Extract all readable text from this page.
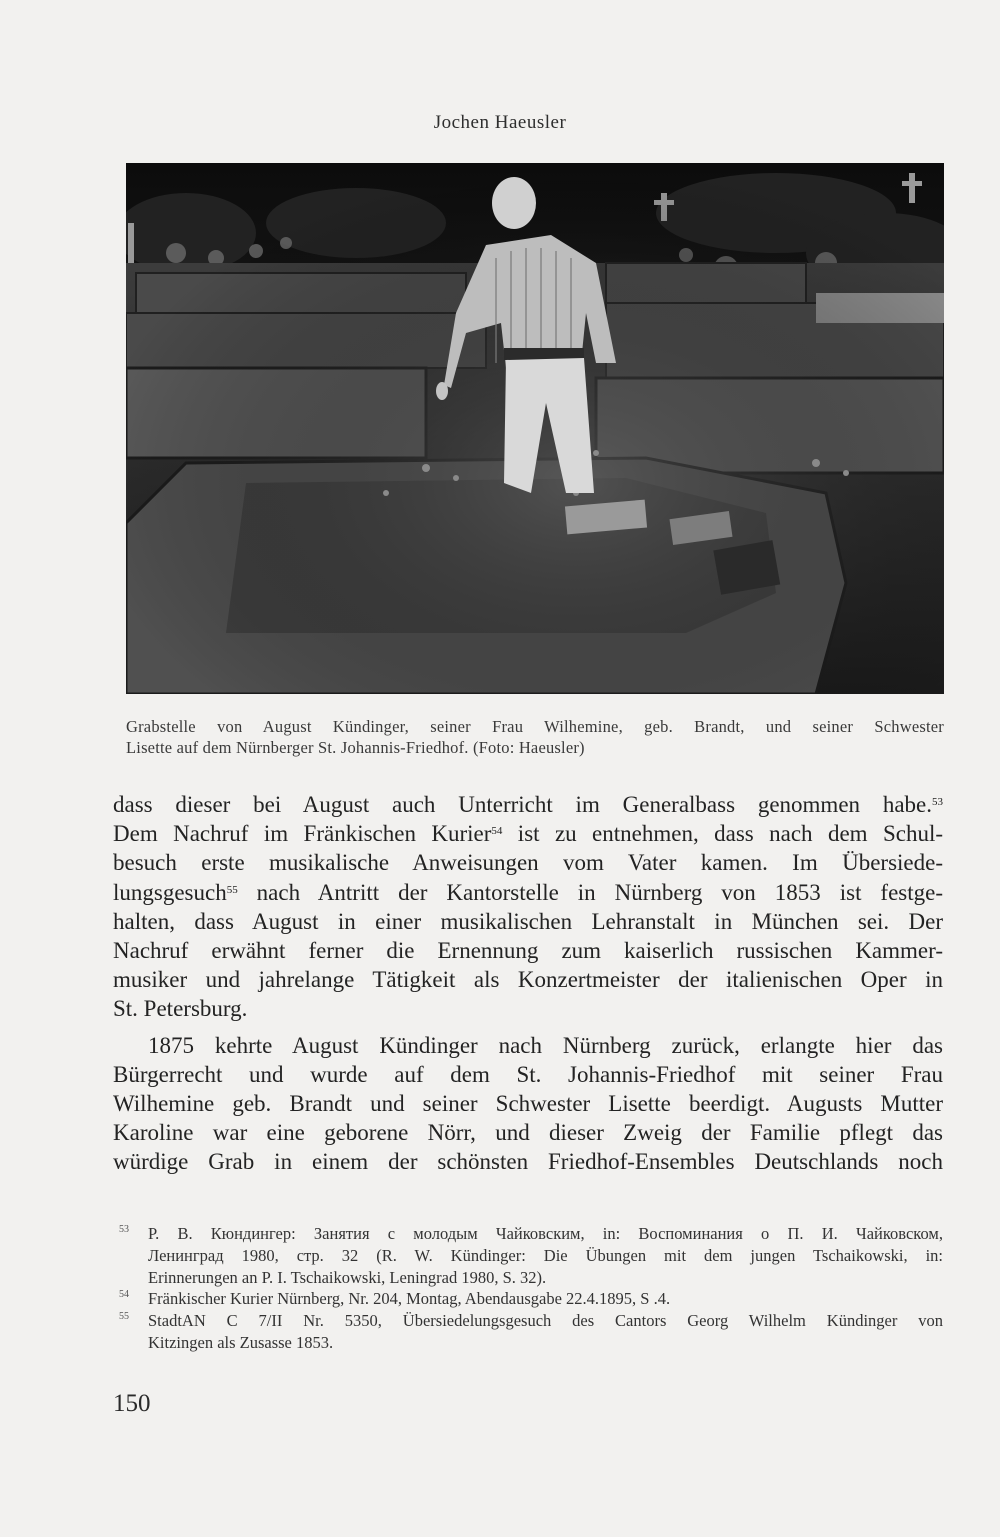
Jochen Haeusler
Grabstelle von August Kündinger, seiner Frau Wilhemine, geb. Brandt, und seiner Schwester
Lisette auf dem Nürnberger St. Johannis-Friedhof. (Foto: Haeusler)
dass dieser bei August auch Unterricht im Generalbass genommen habe.$^{53}$
Dem Nachruf im Fränkischen Kurier$^{54}$ ist zu entnehmen, dass nach dem Schul-
besuch erste musikalische Anweisungen vom Vater kamen. Im Übersiede-
lungsgesuch$^{55}$ nach Antritt der Kantorstelle in Nürnberg von 1853 ist festge-
halten, dass August in einer musikalischen Lehranstalt in München sei. Der
Nachruf erwähnt ferner die Ernennung zum kaiserlich russischen Kammer-
musiker und jahrelange Tätigkeit als Konzertmeister der italienischen Oper in
St. Petersburg.
1875 kehrte August Kündinger nach Nürnberg zurück, erlangte hier das
Bürgerrecht und wurde auf dem St. Johannis-Friedhof mit seiner Frau
Wilhemine geb. Brandt und seiner Schwester Lisette beerdigt. Augusts Mutter
Karoline war eine geborene Nörr, und dieser Zweig der Familie pflegt das
würdige Grab in einem der schönsten Friedhof-Ensembles Deutschlands noch
53 Р. В. Кюндингер: Занятия с молодым Чайковским, in: Воспоминания о П. И. Чайковском,
Ленинград 1980, стр. 32 (R. W. Kündinger: Die Übungen mit dem jungen Tschaikowski, in:
Erinnerungen an P. I. Tschaikowski, Leningrad 1980, S. 32).
54 Fränkischer Kurier Nürnberg, Nr. 204, Montag, Abendausgabe 22.4.1895, S .4.
55 StadtAN C 7/II Nr. 5350, Übersiedelungsgesuch des Cantors Georg Wilhelm Kündinger von
Kitzingen als Zusasse 1853.
150
